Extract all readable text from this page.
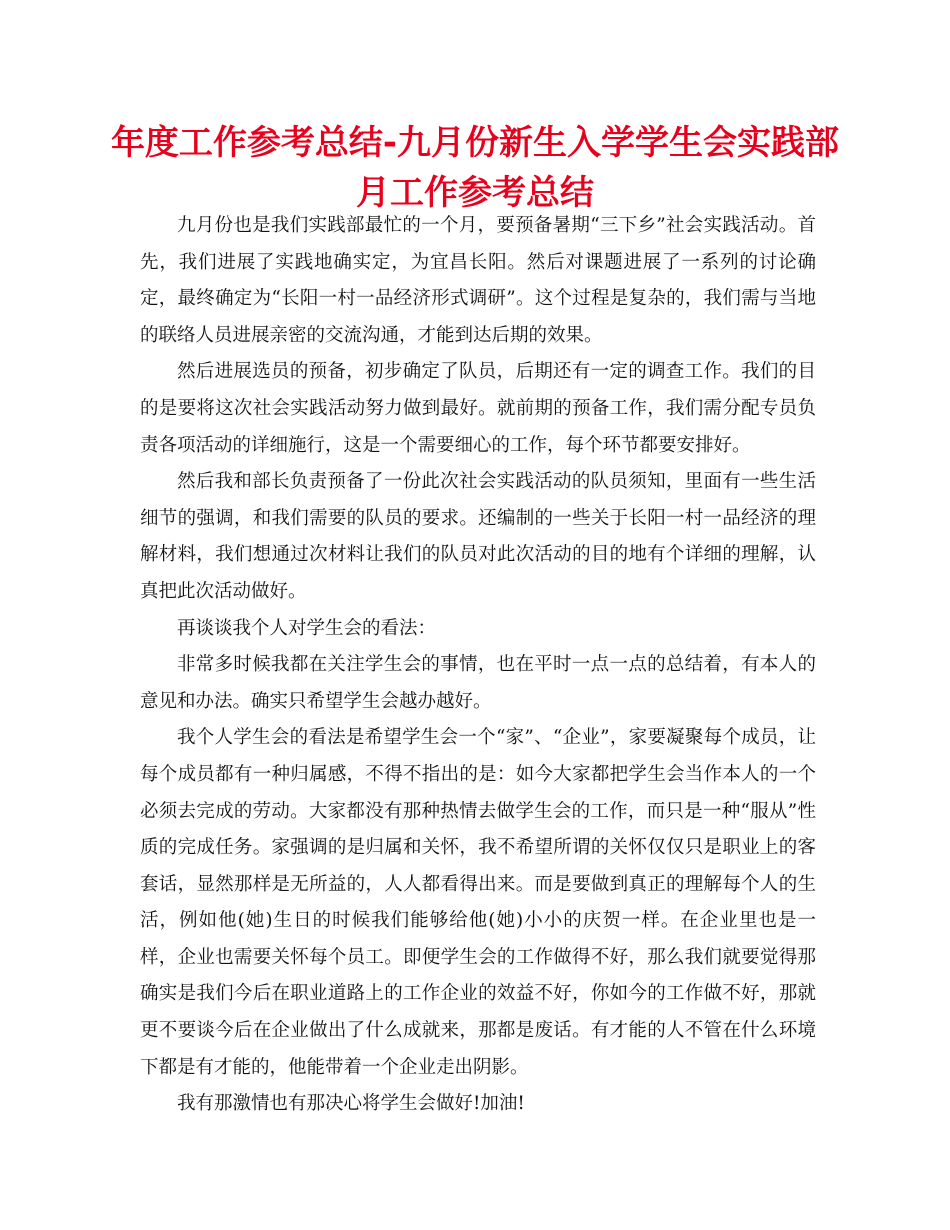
年度工作参考总结-九月份新生入学学生会实践部月工作参考总结

九月份也是我们实践部最忙的一个月，要预备暑期“三下乡”社会实践活动。首先，我们进展了实践地确实定，为宜昌长阳。然后对课题进展了一系列的讨论确定，最终确定为“长阳一村一品经济形式调研”。这个过程是复杂的，我们需与当地的联络人员进展亲密的交流沟通，才能到达后期的效果。

然后进展选员的预备，初步确定了队员，后期还有一定的调查工作。我们的目的是要将这次社会实践活动努力做到最好。就前期的预备工作，我们需分配专员负责各项活动的详细施行，这是一个需要细心的工作，每个环节都要安排好。

然后我和部长负责预备了一份此次社会实践活动的队员须知，里面有一些生活细节的强调，和我们需要的队员的要求。还编制的一些关于长阳一村一品经济的理解材料，我们想通过次材料让我们的队员对此次活动的目的地有个详细的理解，认真把此次活动做好。

再谈谈我个人对学生会的看法：

非常多时候我都在关注学生会的事情，也在平时一点一点的总结着，有本人的意见和办法。确实只希望学生会越办越好。

我个人学生会的看法是希望学生会一个“家”、“企业”，家要凝聚每个成员，让每个成员都有一种归属感，不得不指出的是：如今大家都把学生会当作本人的一个必须去完成的劳动。大家都没有那种热情去做学生会的工作，而只是一种“服从”性质的完成任务。家强调的是归属和关怀，我不希望所谓的关怀仅仅只是职业上的客套话，显然那样是无所益的，人人都看得出来。而是要做到真正的理解每个人的生活，例如他(她)生日的时候我们能够给他(她)小小的庆贺一样。在企业里也是一样，企业也需要关怀每个员工。即便学生会的工作做得不好，那么我们就要觉得那确实是我们今后在职业道路上的工作企业的效益不好，你如今的工作做不好，那就更不要谈今后在企业做出了什么成就来，那都是废话。有才能的人不管在什么环境下都是有才能的，他能带着一个企业走出阴影。

我有那激情也有那决心将学生会做好!加油!
